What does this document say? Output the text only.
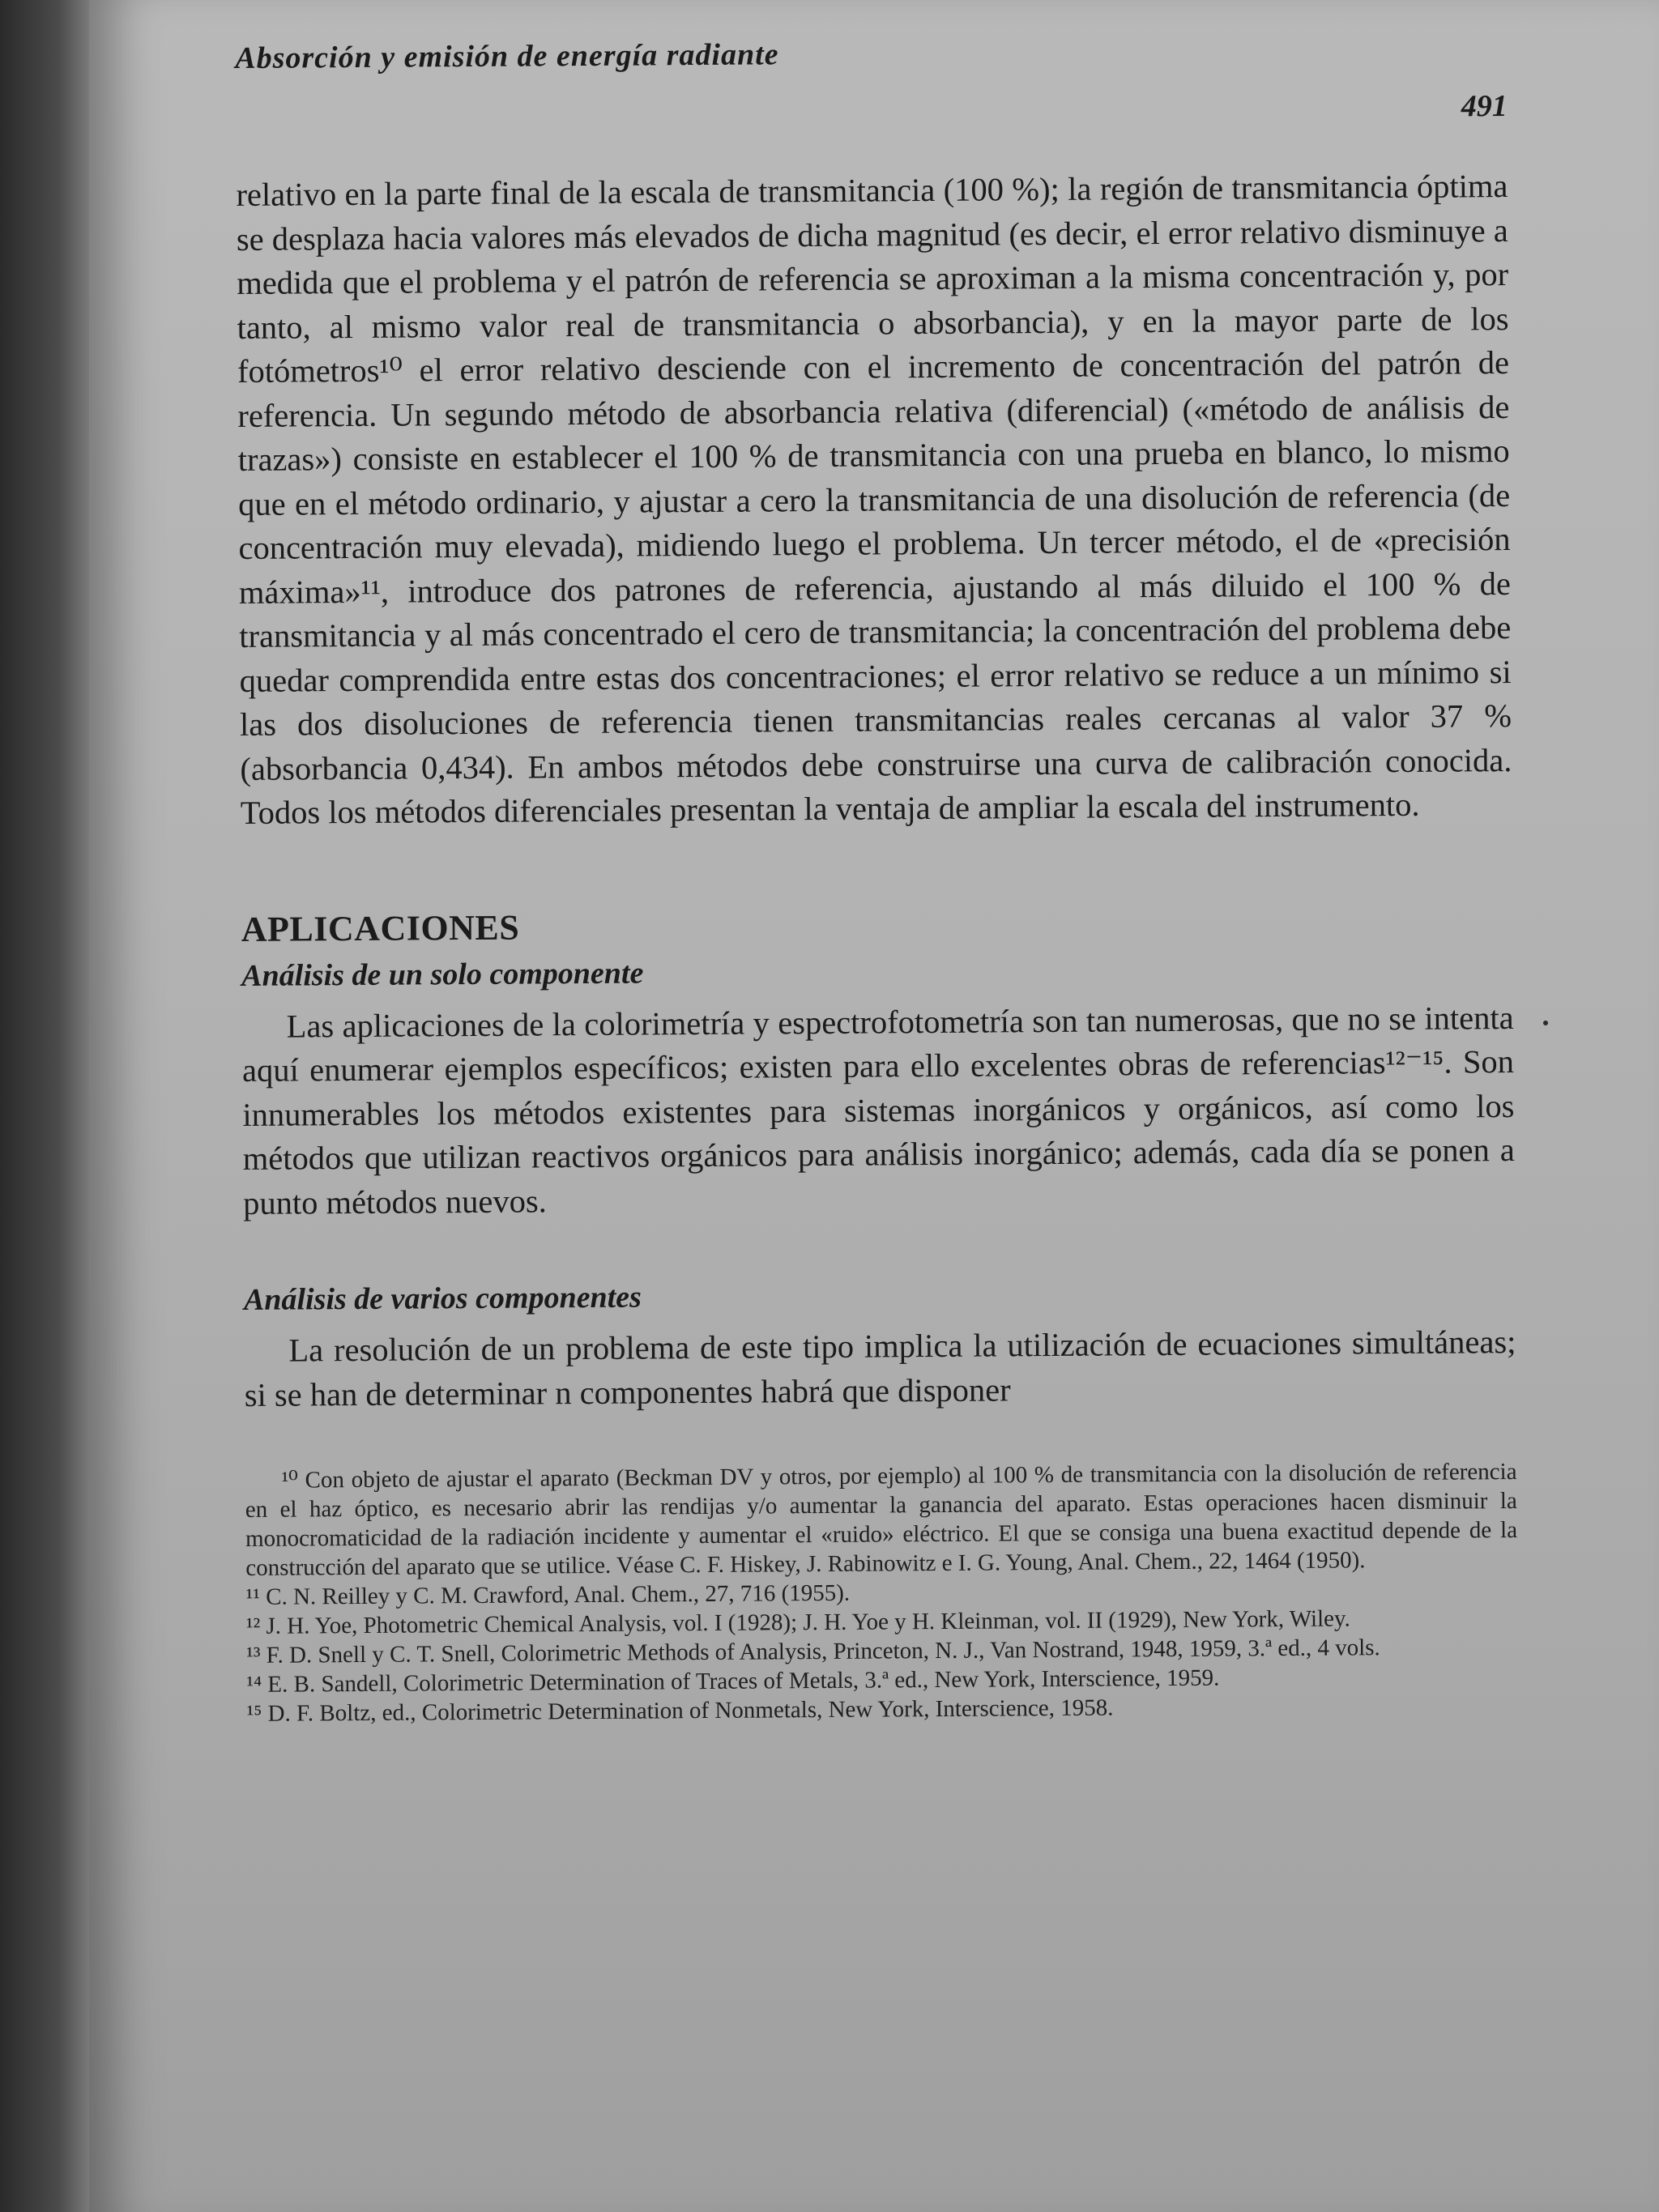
Absorción y emisión de energía radiante

491

relativo en la parte final de la escala de transmitancia (100 %); la región de transmitancia óptima se desplaza hacia valores más elevados de dicha magnitud (es decir, el error relativo disminuye a medida que el problema y el patrón de referencia se aproximan a la misma concentración y, por tanto, al mismo valor real de transmitancia o absorbancia), y en la mayor parte de los fotómetros¹⁰ el error relativo desciende con el incremento de concentración del patrón de referencia. Un segundo método de absorbancia relativa (diferencial) («método de análisis de trazas») consiste en establecer el 100 % de transmitancia con una prueba en blanco, lo mismo que en el método ordinario, y ajustar a cero la transmitancia de una disolución de referencia (de concentración muy elevada), midiendo luego el problema. Un tercer método, el de «precisión máxima»¹¹, introduce dos patrones de referencia, ajustando al más diluido el 100 % de transmitancia y al más concentrado el cero de transmitancia; la concentración del problema debe quedar comprendida entre estas dos concentraciones; el error relativo se reduce a un mínimo si las dos disoluciones de referencia tienen transmitancias reales cercanas al valor 37 % (absorbancia 0,434). En ambos métodos debe construirse una curva de calibración conocida. Todos los métodos diferenciales presentan la ventaja de ampliar la escala del instrumento.

APLICACIONES
Análisis de un solo componente

Las aplicaciones de la colorimetría y espectrofotometría son tan numerosas, que no se intenta aquí enumerar ejemplos específicos; existen para ello excelentes obras de referencias¹²⁻¹⁵. Son innumerables los métodos existentes para sistemas inorgánicos y orgánicos, así como los métodos que utilizan reactivos orgánicos para análisis inorgánico; además, cada día se ponen a punto métodos nuevos.

Análisis de varios componentes

La resolución de un problema de este tipo implica la utilización de ecuaciones simultáneas; si se han de determinar n componentes habrá que disponer

¹⁰ Con objeto de ajustar el aparato (Beckman DV y otros, por ejemplo) al 100 % de transmitancia con la disolución de referencia en el haz óptico, es necesario abrir las rendijas y/o aumentar la ganancia del aparato. Estas operaciones hacen disminuir la monocromaticidad de la radiación incidente y aumentar el «ruido» eléctrico. El que se consiga una buena exactitud depende de la construcción del aparato que se utilice. Véase C. F. Hiskey, J. Rabinowitz e I. G. Young, Anal. Chem., 22, 1464 (1950).

¹¹ C. N. Reilley y C. M. Crawford, Anal. Chem., 27, 716 (1955).

¹² J. H. Yoe, Photometric Chemical Analysis, vol. I (1928); J. H. Yoe y H. Kleinman, vol. II (1929), New York, Wiley.

¹³ F. D. Snell y C. T. Snell, Colorimetric Methods of Analysis, Princeton, N. J., Van Nostrand, 1948, 1959, 3.ª ed., 4 vols.

¹⁴ E. B. Sandell, Colorimetric Determination of Traces of Metals, 3.ª ed., New York, Interscience, 1959.

¹⁵ D. F. Boltz, ed., Colorimetric Determination of Nonmetals, New York, Interscience, 1958.
